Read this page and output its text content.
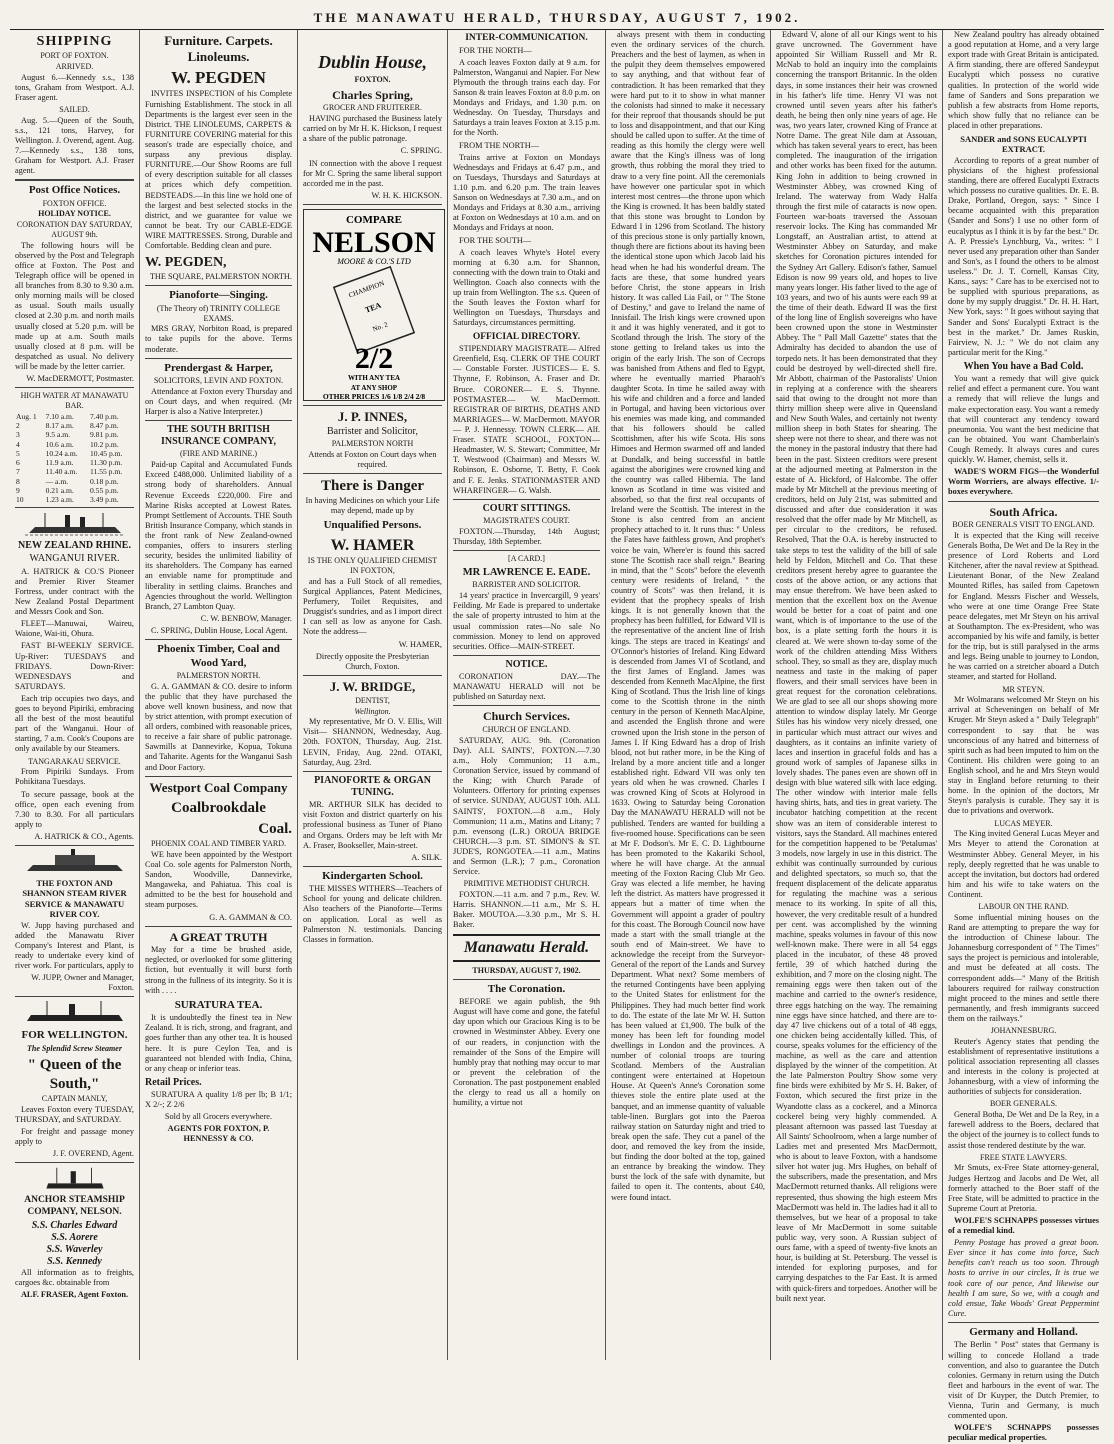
THE MANAWATU HERALD, THURSDAY, AUGUST 7, 1902.
SHIPPING
PORT OF FOXTON.
ARRIVED.

August 6.—Kennedy s.s., 138 tons, Graham from Westport. A.J. Fraser agent.

SAILED.

Aug. 5.—Queen of the South, s.s., 121 tons, Harvey, for Wellington. J. Overend, agent. Aug. 7.—Kennedy s.s., 138 tons, Graham for Westport. A.J. Fraser agent.

Post Office Notices.
FOXTON OFFICE.
HOLIDAY NOTICE.
CORONATION DAY SATURDAY, AUGUST 9th.

The following hours will be observed by the Post and Telegraph office at Foxton. The Post and Telegraph office will be opened in all branches from 8.30 to 9.30 a.m. only morning mails will be closed as usual. South mails usually closed at 2.30 p.m. and north mails usually closed at 5.20 p.m. will be made up at a.m. South mails usually closed at 8 p.m. will be despatched as usual. No delivery will be made by the letter carrier.

W. MacDERMOTT, Postmaster.

HIGH WATER AT MANAWATU BAR.
Aug. 1	7.10 a.m.	7.40 p.m.
2	8.17 a.m.	8.47 p.m.
3	9.5 a.m.	9.81 p.m.
4	10.6 a.m.	10.2 p.m.
5	10.24 a.m.	10.45 p.m.
6	11.9 a.m.	11.30 p.m.
7	11.40 a.m.	11.55 p.m.
8	— a.m.	0.18 p.m.
9	0.21 a.m.	0.55 p.m.
10	1.23 a.m.	3.49 p.m.
NEW ZEALAND RHINE.
WANGANUI RIVER.

A. HATRICK & CO.'S Pioneer and Premier River Steamer Fortress, under contract with the New Zealand Postal Department and Messrs Cook and Son.

FLEET—Manuwai, Waireu, Waione, Wai-iti, Ohura.

FAST BI-WEEKLY SERVICE. Up-River: TUESDAYS and FRIDAYS. Down-River: WEDNESDAYS and SATURDAYS.

Each trip occupies two days, and goes to beyond Pipiriki, embracing all the best of the most beautiful part of the Wanganui. Hour of starting, 7 a.m. Cook's Coupons are only available by our Steamers.

TANGARAKAU SERVICE.

From Pipiriki Sundays. From Pohikitana Tuesdays.

To secure passage, book at the office, open each evening from 7.30 to 8.30. For all particulars apply to

A. HATRICK & CO., Agents.

THE FOXTON AND SHANNON STEAM RIVER SERVICE & MANAWATU RIVER COY.

W. Jupp having purchased and added the Manawatu River Company's Interest and Plant, is ready to undertake every kind of river work. For particulars, apply to

W. JUPP, Owner and Manager, Foxton.

FOR WELLINGTON.
The Splendid Screw Steamer
" Queen of the South,"
CAPTAIN MANLY,

Leaves Foxton every TUESDAY, THURSDAY, and SATURDAY.

For freight and passage money apply to

J. F. OVEREND, Agent.

ANCHOR STEAMSHIP COMPANY, NELSON.
S.S. Charles Edward
S.S. Aorere
S.S. Waverley
S.S. Kennedy

All information as to freights, cargoes &c. obtainable from

ALF. FRASER, Agent Foxton.

Furniture. Carpets. Linoleums.
W. PEGDEN

INVITES INSPECTION of his Complete Furnishing Establishment. The stock in all Departments is the largest ever seen in the District. THE LINOLEUMS, CARPETS & FURNITURE COVERING material for this season's trade are especially choice, and surpass any previous display. FURNITURE.—Our Show Rooms are full of every description suitable for all classes at prices which defy competition. BEDSTEADS.—In this line we hold one of the largest and best selected stocks in the district, and we guarantee for value we cannot be beat. Try our CABLE-EDGE WIRE MATTRESSES. Strong, Durable and Comfortable. Bedding clean and pure.

W. PEGDEN,

THE SQUARE, PALMERSTON NORTH.

Pianoforte—Singing.
(The Theory of) TRINITY COLLEGE EXAMS.

MRS GRAY, Norbiton Road, is prepared to take pupils for the above. Terms moderate.

Prendergast & Harper,
SOLICITORS, LEVIN AND FOXTON.

Attendance at Foxton every Thursday and on Court days, and when required. (Mr Harper is also a Native Interpreter.)

THE SOUTH BRITISH INSURANCE COMPANY,
(FIRE AND MARINE.)

Paid-up Capital and Accumulated Funds Exceed £488,000. Unlimited liability of a strong body of shareholders. Annual Revenue Exceeds £220,000. Fire and Marine Risks accepted at Lowest Rates. Prompt Settlement of Accounts. THE South British Insurance Company, which stands in the front rank of New Zealand-owned companies, offers to insurers sterling security, besides the unlimited liability of its shareholders. The Company has earned an enviable name for promptitude and liberality in settling claims. Branches and Agencies throughout the world. Wellington Branch, 27 Lambton Quay.

C. W. BENBOW, Manager.

C. SPRING, Dublin House, Local Agent.

Phoenix Timber, Coal and Wood Yard,
PALMERSTON NORTH.

G. A. GAMMAN & CO. desire to inform the public that they have purchased the above well known business, and now that by strict attention, with prompt execution of all orders, combined with reasonable prices, to receive a fair share of public patronage. Sawmills at Dannevirke, Kopua, Tokuna and Taharite. Agents for the Wanganui Sash and Door Factory.

Westport Coal Company
Coalbrookdale
Coal.
PHOENIX COAL AND TIMBER YARD.

WE have been appointed by the Westport Coal Co. sole agents for Palmerston North, Sandon, Woodville, Dannevirke, Mangaweka, and Pahiatua. This coal is admitted to be the best for household and steam purposes.

G. A. GAMMAN & CO.

A GREAT TRUTH

May for a time be brushed aside, neglected, or overlooked for some glittering fiction, but eventually it will burst forth strong in the fullness of its integrity. So it is with . . . .

SURATURA TEA.

It is undoubtedly the finest tea in New Zealand. It is rich, strong, and fragrant, and goes further than any other tea. It is housed here. It is pure Ceylon Tea, and is guaranteed not blended with India, China, or any cheap or inferior teas.

Retail Prices.

SURATURA A quality 1/8 per lb; B 1/1; X 2/-; Z 2/6

Sold by all Grocers everywhere.

AGENTS FOR FOXTON, P. HENNESSY & CO.

Dublin House,
FOXTON.
Charles Spring,
GROCER AND FRUITERER.

HAVING purchased the Business lately carried on by Mr H. K. Hickson, I request a share of the public patronage.

C. SPRING.

IN connection with the above I request for Mr C. Spring the same liberal support accorded me in the past.

W. H. K. HICKSON.

COMPARE
NELSON
MOORE & CO.'S LTD
CHAMPION
TEA
No. 2
2/2
WITH ANY TEA
AT ANY SHOP
OTHER PRICES 1/6 1/8 2/4 2/8
J. P. INNES,
Barrister and Solicitor,
PALMERSTON NORTH

Attends at Foxton on Court days when required.

There is Danger

In having Medicines on which your Life may depend, made up by

Unqualified Persons.
W. HAMER
IS THE ONLY QUALIFIED CHEMIST IN FOXTON,

and has a Full Stock of all remedies, Surgical Appliances, Patent Medicines, Perfumery, Toilet Requisites, and Druggist's sundries, and as I import direct I can sell as low as anyone for Cash. Note the address—

W. HAMER,

Directly opposite the Presbyterian Church, Foxton.

J. W. BRIDGE,
DENTIST,
Wellington.

My representative, Mr O. V. Ellis, Will Visit— SHANNON, Wednesday, Aug. 20th. FOXTON, Thursday, Aug. 21st. LEVIN, Friday, Aug. 22nd. OTAKI, Saturday, Aug. 23rd.

PIANOFORTE & ORGAN TUNING.

MR. ARTHUR SILK has decided to visit Foxton and district quarterly on his professional business as Tuner of Piano and Organs. Orders may be left with Mr A. Fraser, Bookseller, Main-street.

A. SILK.

Kindergarten School.

THE MISSES WITHERS—Teachers of School for young and delicate children. Also teachers of the Pianoforte—Terms on application. Local as well as Palmerston N. testimonials. Dancing Classes in formation.

INTER-COMMUNICATION.

FOR THE NORTH—

A coach leaves Foxton daily at 9 a.m. for Palmerston, Wanganui and Napier. For New Plymouth the through trains each day. For Sanson & train leaves Foxton at 8.0 p.m. on Mondays and Fridays, and 1.30 p.m. on Wednesday. On Tuesday, Thursdays and Saturdays a train leaves Foxton at 3.15 p.m. for the North.

FROM THE NORTH—

Trains arrive at Foxton on Mondays Wednesdays and Fridays at 6.47 p.m., and on Tuesdays, Thursdays and Saturdays at 1.10 p.m. and 6.20 p.m. The train leaves Sanson on Wednesdays at 7.30 a.m., and on Mondays and Fridays at 8.30 a.m., arriving at Foxton on Wednesdays at 10 a.m. and on Mondays and Fridays at noon.

FOR THE SOUTH—

A coach leaves Whyte's Hotel every morning at 6.30 a.m. for Shannon, connecting with the down train to Otaki and Wellington. Coach also connects with the up train from Wellington. The s.s. Queen of the South leaves the Foxton wharf for Wellington on Tuesdays, Thursdays and Saturdays, circumstances permitting.

OFFICIAL DIRECTORY.

STIPENDIARY MAGISTRATE— Alfred Greenfield, Esq. CLERK OF THE COURT— Constable Forster. JUSTICES— E. S. Thynne, F. Robinson, A. Fraser and Dr. Bruce. CORONER— E. S. Thynne. POSTMASTER— W. MacDermott. REGISTRAR OF BIRTHS, DEATHS AND MARRIAGES— W. MacDermott. MAYOR— P. J. Hennessy. TOWN CLERK— Alf. Fraser. STATE SCHOOL, FOXTON— Headmaster, W. S. Stewart; Committee, Mr T. Westwood (Chairman) and Messrs W. Robinson, E. Osborne, T. Betty, F. Cook and F. E. Jenks. STATIONMASTER AND WHARFINGER— G. Walsh.

COURT SITTINGS.
MAGISTRATE'S COURT.

FOXTON.—Thursday, 14th August; Thursday, 18th September.

[A CARD.]
MR LAWRENCE E. EADE.
BARRISTER AND SOLICITOR.

14 years' practice in Invercargill, 9 years' Feilding. Mr Eade is prepared to undertake the sale of property intrusted to him at the usual commission rates—No sale No commission. Money to lend on approved securities. Office—MAIN-STREET.

NOTICE.

CORONATION DAY.—The MANAWATU HERALD will not be published on Saturday next.

Church Services.
CHURCH OF ENGLAND.

SATURDAY, AUG. 9th. (Coronation Day). ALL SAINTS', FOXTON.—7.30 a.m., Holy Communion; 11 a.m., Coronation Service, issued by command of the King; with Church Parade of Volunteers. Offertory for printing expenses of service. SUNDAY, AUGUST 10th. ALL SAINTS', FOXTON.—8 a.m., Holy Communion; 11 a.m., Matins and Litany; 7 p.m. evensong (L.R.) OROUA BRIDGE CHURCH.—3 p.m. ST. SIMON'S & ST. JUDE'S, RONGOTEA.—11 a.m., Matins and Sermon (L.R.); 7 p.m., Coronation Service.

PRIMITIVE METHODIST CHURCH.

FOXTON.—11 a.m. and 7 p.m., Rev. W. Harris. SHANNON.—11 a.m., Mr S. H. Baker. MOUTOA.—3.30 p.m., Mr S. H. Baker.

Manawatu Herald.
THURSDAY, AUGUST 7, 1902.
The Coronation.

BEFORE we again publish, the 9th August will have come and gone, the fateful day upon which our Gracious King is to be crowned in Westminster Abbey. Every one of our readers, in conjunction with the remainder of the Sons of the Empire will humbly pray that nothing may occur to mar or prevent the celebration of the Coronation. The past postponement enabled the clergy to read us all a homily on humility, a virtue not

always present with them in conducting even the ordinary services of the church. Preachers and the best of laymen, as when in the pulpit they deem themselves empowered to say anything, and that without fear of contradiction. It has been remarked that they were hard put to it to show in what manner the colonists had sinned to make it necessary for their reproof that thousands should be put to loss and disappointment, and that our King should be called upon to suffer. At the time of reading as this homily the clergy were well aware that the King's illness was of long growth, thus robbing the moral they tried to draw to a very fine point. All the ceremonials have however one particular spot in which interest most centres—the throne upon which the King is crowned. It has been baldly stated that this stone was brought to London by Edward I in 1296 from Scotland. The history of this precious stone is only partially known, though there are fictions about its having been the identical stone upon which Jacob laid his head when he had his wonderful dream. The facts are these, that some hundred years before Christ, the stone appears in Irish history. It was called Lia Fail, or " The Stone of Destiny," and gave to Ireland the name of Innisfail. The Irish kings were crowned upon it and it was highly venerated, and it got to Scotland through the Irish. The story of the stone getting to Ireland takes us into the origin of the early Irish. The son of Cecrops was banished from Athens and fled to Egypt, where he eventually married Pharaoh's daughter Scota. In time he sailed away with his wife and children and a force and landed in Portugal, and having been victorious over his enemies was made king, and commanded that his followers should be called Scottishmen, after his wife Scota. His sons Himoes and Hermon swarmed off and landed at Dundalk, and being successful in battle against the aborigines were crowned king and the country was called Hibernia. The land known as Scotland in time was visited and absorbed, so that the first real occupants of Ireland were the Scottish. The interest in the Stone is also centred from an ancient prophecy attached to it. It runs thus: " Unless the Fates have faithless grown, And prophet's voice be vain, Where'er is found this sacred stone The Scottish race shall reign." Bearing in mind, that the " Scots" before the eleventh century were residents of Ireland, " the country of Scots" was then Ireland, it is evident that the prophecy speaks of Irish kings. It is not generally known that the prophecy has been fulfilled, for Edward VII is the representative of the ancient line of Irish kings. The steps are traced in Keatings' and O'Connor's histories of Ireland. King Edward is descended from James VI of Scotland, and the first James of England. James was descended from Kenneth MacAlpine, the first King of Scotland. Thus the Irish line of kings come to the Scottish throne in the ninth century in the person of Kenneth MacAlpine, and ascended the English throne and were crowned upon the Irish stone in the person of James I. If King Edward has a drop of Irish blood, not but rather more, in be the King of Ireland by a more ancient title and a longer established right. Edward VII was only ten years old when he was crowned. Charles I was crowned King of Scots at Holyrood in 1633. Owing to Saturday being Coronation Day the MANAWATU HERALD will not be published. Tenders are wanted for building a five-roomed house. Specifications can be seen at Mr F. Dodson's. Mr E. C. D. Lightbourne has been promoted to the Kakariki School, where he will have charge. At the annual meeting of the Foxton Racing Club Mr Geo. Gray was elected a life member, he having left the district. As matters have progressed it appears but a matter of time when the Government will appoint a grader of poultry for this coast. The Borough Council now have made a start with the small triangle at the south end of Main-street. We have to acknowledge the receipt from the Surveyor-General of the report of the Lands and Survey Department. What next? Some members of the returned Contingents have been applying to the United States for enlistment for the Philippines. They had much better find work to do. The estate of the late Mr W. H. Sutton has been valued at £1,900. The bulk of the money has been left for founding model dwellings in London and the provinces. A number of colonial troops are touring Scotland. Members of the Australian contingent were entertained at Hopetoun House. At Queen's Anne's Coronation some thieves stole the entire plate used at the banquet, and an immense quantity of valuable table-linen. Burglars got into the Paeroa railway station on Saturday night and tried to break open the safe. They cut a panel of the door, and removed the key from the inside, but finding the door bolted at the top, gained an entrance by breaking the window. They burst the lock of the safe with dynamite, but failed to open it. The contents, about £40, were found intact.

Edward V, alone of all our Kings went to his grave uncrowned. The Government have appointed Sir William Russell and Mr R. McNab to hold an inquiry into the complaints concerning the transport Britannic. In the olden days, in some instances their heir was crowned in his father's life time. Henry VI was not crowned until seven years after his father's death, he being then only nine years of age. He was, two years later, crowned King of France at Notre Dame. The great Nile dam at Assouan, which has taken several years to erect, has been completed. The inauguration of the irrigation and other works has been fixed for the autumn. King John in addition to being crowned in Westminster Abbey, was crowned King of Ireland. The waterway from Wady Halfa through the first mile of cataracts is now open. Fourteen war-boats traversed the Assouan reservoir locks. The King has commanded Mr Longstaff, an Australian artist, to attend at Westminster Abbey on Saturday, and make sketches for Coronation pictures intended for the Sydney Art Gallery. Edison's father, Samuel Edison is now 99 years old, and hopes to live many years longer. His father lived to the age of 103 years, and two of his aunts were each 99 at the time of their death. Edward II was the first of the long line of English sovereigns who have been crowned upon the stone in Westminster Abbey. The " Pall Mall Gazette" states that the Admiralty has decided to abandon the use of torpedo nets. It has been demonstrated that they could be destroyed by well-directed shell fire. Mr Abbott, chairman of the Pastoralists' Union in replying at a conference with the shearers said that owing to the drought not more than thirty million sheep were alive in Queensland and New South Wales, and certainly not twenty million sheep in both States for shearing. The sheep were not there to shear, and there was not the money in the pastoral industry that there had been in the past. Sixteen creditors were present at the adjourned meeting at Palmerston in the estate of A. Hickford, of Halcombe. The offer made by Mr Mitchell at the previous meeting of creditors, held on July 21st, was submitted and discussed and after due consideration it was resolved that the offer made by Mr Mitchell, as per circular to the creditors, be refused. Resolved, That the O.A. is hereby instructed to take steps to test the validity of the bill of sale held by Feldon, Mitchell and Co. That these creditors present hereby agree to guarantee the costs of the above action, or any actions that may ensue therefrom. We have been asked to mention that the excellent box on the Avenue would be better for a coat of paint and one want, which is of importance to the use of the box, is a plate setting forth the hours it is cleared at. We were shown to-day some of the work of the children attending Miss Withers school. They, so small as they are, display much neatness and taste in the making of paper flowers, and their small services have been in great request for the coronation celebrations. We are glad to see all our shops showing more attention to window display lately. Mr George Stiles has his window very nicely dressed, one in particular which must attract our wives and daughters, as it contains an infinite variety of laces and insertion in graceful folds and has a ground work of samples of Japanese silks in lovely shades. The panes even are shown off in design with blue watered silk with lace edging. The other window with interior male fells having shirts, hats, and ties in great variety. The incubator hatching competition at the recent show was an item of considerable interest to visitors, says the Standard. All machines entered for the competition happened to be 'Petalumas' 3 models, now largely in use in this district. The exhibit was continually surrounded by curious and delighted spectators, so much so, that the frequent displacement of the delicate apparatus for regulating the machine was a serious menace to its working. In spite of all this, however, the very creditable result of a hundred per cent. was accomplished by the winning machine, speaks volumes in favour of this now well-known make. There were in all 54 eggs placed in the incubator, of these 48 proved fertile, 39 of which hatched during the exhibition, and 7 more on the closing night. The remaining eggs were then taken out of the machine and carried to the owner's residence, three eggs hatching on the way. The remaining nine eggs have since hatched, and there are to-day 47 live chickens out of a total of 48 eggs, one chicken being accidentally killed. This, of course, speaks volumes for the efficiency of the machine, as well as the care and attention displayed by the winner of the competition. At the late Palmerston Poultry Show some very fine birds were exhibited by Mr S. H. Baker, of Foxton, which secured the first prize in the Wyandotte class as a cockerel, and a Minorca cockerel being very highly commended. A pleasant afternoon was passed last Tuesday at All Saints' Schoolroom, when a large number of Ladies met and presented Mrs MacDermott, who is about to leave Foxton, with a handsome silver hot water jug. Mrs Hughes, on behalf of the subscribers, made the presentation, and Mrs MacDermott returned thanks. All religions were represented, thus showing the high esteem Mrs MacDermott was held in. The ladies had it all to themselves, but we hear of a proposal to take leave of Mr MacDermott in some suitable public way, very soon. A Russian subject of ours fame, with a speed of twenty-five knots an hour, is building at St. Petersburg. The vessel is intended for exploring purposes, and for carrying despatches to the Far East. It is armed with quick-firers and torpedoes. Another will be built next year.

New Zealand poultry has already obtained a good reputation at Home, and a very large export trade with Great Britain is anticipated. A firm standing, there are offered Sandeyput Eucalypti which possess no curative qualities. In protection of the world wide fame of Sanders and Sons preparation we publish a few abstracts from Home reports, which show fully that no reliance can be placed in other preparations.

SANDER and SONS EUCALYPTI EXTRACT.

According to reports of a great number of physicians of the highest professional standing, there are offered Eucalypti Extracts which possess no curative qualities. Dr. E. B. Drake, Portland, Oregon, says: " Since I became acquainted with this preparation (Sander and Sons') I use no other form of eucalyptus as I think it is by far the best." Dr. A. P. Pressie's Lynchburg, Va., writes: " I never used any preparation other than Sander and Son's, as I found the others to be almost useless." Dr. J. T. Cornell, Kansas City, Kans., says: " Care has to be exercised not to be supplied with spurious preparations, as done by my supply druggist." Dr. H. H. Hart, New York, says: " It goes without saying that Sander and Sons' Eucalypti Extract is the best in the market." Dr. James Ruskin, Fairview, N. J.: " We do not claim any particular merit for the King."

When You have a Bad Cold.

You want a remedy that will give quick relief and effect a permanent cure. You want a remedy that will relieve the lungs and make expectoration easy. You want a remedy that will counteract any tendency toward pneumonia. You want the best medicine that can be obtained. You want Chamberlain's Cough Remedy. It always cures and cures quickly. W. Hamer, chemist, sells it.

WADE'S WORM FIGS—the Wonderful Worm Worriers, are always effective. 1/- boxes everywhere.

South Africa.
BOER GENERALS VISIT TO ENGLAND.

It is expected that the King will receive Generals Botha, De Wet and De la Rey in the presence of Lord Roberts and Lord Kitchener, after the naval review at Spithead. Lieutenant Bonar, of the New Zealand Mounted Rifles, has sailed from Capetown for England. Messrs Fischer and Wessels, who were at one time Orange Free State peace delegates, met Mr Steyn on his arrival at Southampton. The ex-President, who was accompanied by his wife and family, is better for the trip, but is still paralysed in the arms and legs. Being unable to journey to London, he was carried on a stretcher aboard a Dutch steamer, and started for Holland.

MR STEYN.

Mr Wolmarans welcomed Mr Steyn on his arrival at Scheveningen on behalf of Mr Kruger. Mr Steyn asked a " Daily Telegraph" correspondent to say that he was unconscious of any hatred and bitterness of spirit such as had been imputed to him on the Continent. His children were going to an English school, and he and Mrs Steyn would stay in England before returning to their home. In the opinion of the doctors, Mr Steyn's paralysis is curable. They say it is due to privations and overwork.

LUCAS MEYER.

The King invited General Lucas Meyer and Mrs Meyer to attend the Coronation at Westminster Abbey. General Meyer, in his reply, deeply regretted that he was unable to accept the invitation, but doctors had ordered him and his wife to take waters on the Continent.

LABOUR ON THE RAND.

Some influential mining houses on the Rand are attempting to prepare the way for the introduction of Chinese labour. The Johannesburg correspondent of " The Times" says the project is pernicious and intolerable, and must be defeated at all costs. The correspondent adds—" Many of the British labourers required for railway construction might proceed to the mines and settle there permanently, and fresh immigrants succeed them on the railways."

JOHANNESBURG.

Reuter's Agency states that pending the establishment of representative institutions a political association representing all classes and interests in the colony is projected at Johannesburg, with a view of informing the authorities of subjects for consideration.

BOER GENERALS.

General Botha, De Wet and De la Rey, in a farewell address to the Boers, declared that the object of the journey is to collect funds to assist those rendered destitute by the war.

FREE STATE LAWYERS.

Mr Smuts, ex-Free State attorney-general, Judges Hertzog and Jacobs and De Wet, all formerly attached to the Boer staff of the Free State, will be admitted to practice in the Supreme Court at Pretoria.

WOLFE'S SCHNAPPS possesses virtues of a remedial kind.

Penny Postage has proved a great boon. Ever since it has come into force, Such benefits can't reach us too soon. Through hosts to arrive in our circles, It is true we took care of our pence, And likewise our health I am sure, So we, with a cough and cold ensue, Take Woods' Great Peppermint Cure.

Germany and Holland.

The Berlin " Post" states that Germany is willing to concede Holland a trade convention, and also to guarantee the Dutch colonies. Germany in return using the Dutch fleet and harbours in the event of war. The visit of Dr Kuyper, the Dutch Premier, to Vienna, Turin and Germany, is much commented upon.

WOLFE'S SCHNAPPS possesses peculiar medical properties.
